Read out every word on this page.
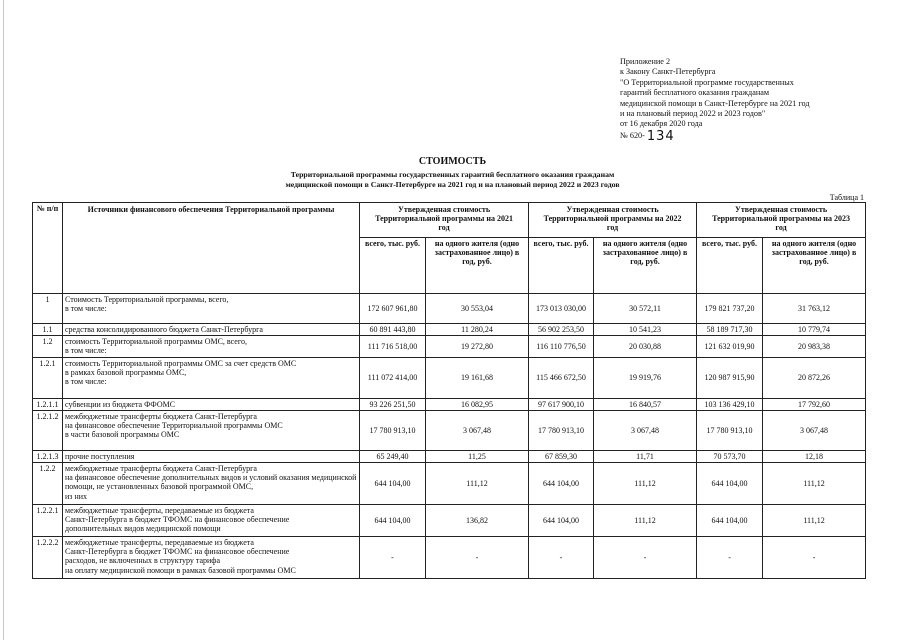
Приложение 2
к Закону Санкт-Петербурга
"О Территориальной программе государственных
гарантий бесплатного оказания гражданам
медицинской помощи в Санкт-Петербурге на 2021 год
и на плановый период 2022 и 2023 годов"
от 16 декабря 2020 года
№ 620- 134
СТОИМОСТЬ
Территориальной программы государственных гарантий бесплатного оказания гражданам
медицинской помощи в Санкт-Петербурге на 2021 год и на плановый период 2022 и 2023 годов
Таблица 1
№ п/п	Источники финансового обеспечения Территориальной программы	Утвержденная стоимость Территориальной программы на 2021 год		Утвержденная стоимость Территориальной программы на 2022 год		Утвержденная стоимость Территориальной программы на 2023 год	
		всего, тыс. руб.	на одного жителя (одно застрахованное лицо) в год, руб.	всего, тыс. руб.	на одного жителя (одно застрахованное лицо) в год, руб.	всего, тыс. руб.	на одного жителя (одно застрахованное лицо) в год, руб.
1	Стоимость Территориальной программы, всего,
в том числе:	172 607 961,80	30 553,04	173 013 030,00	30 572,11	179 821 737,20	31 763,12
1.1	средства консолидированного бюджета Санкт-Петербурга	60 891 443,80	11 280,24	56 902 253,50	10 541,23	58 189 717,30	10 779,74
1.2	стоимость Территориальной программы ОМС, всего,
в том числе:	111 716 518,00	19 272,80	116 110 776,50	20 030,88	121 632 019,90	20 983,38
1.2.1	стоимость Территориальной программы ОМС за счет средств ОМС
в рамках базовой программы ОМС,
в том числе:	111 072 414,00	19 161,68	115 466 672,50	19 919,76	120 987 915,90	20 872,26
1.2.1.1	субвенции из бюджета ФФОМС	93 226 251,50	16 082,95	97 617 900,10	16 840,57	103 136 429,10	17 792,60
1.2.1.2	межбюджетные трансферты бюджета Санкт-Петербурга
на финансовое обеспечение Территориальной программы ОМС
в части базовой программы ОМС	17 780 913,10	3 067,48	17 780 913,10	3 067,48	17 780 913,10	3 067,48
1.2.1.3	прочие поступления	65 249,40	11,25	67 859,30	11,71	70 573,70	12,18
1.2.2	межбюджетные трансферты бюджета Санкт-Петербурга
на финансовое обеспечение дополнительных видов и условий оказания медицинской помощи, не установленных базовой программой ОМС,
из них	644 104,00	111,12	644 104,00	111,12	644 104,00	111,12
1.2.2.1	межбюджетные трансферты, передаваемые из бюджета
Санкт-Петербурга в бюджет ТФОМС на финансовое обеспечение
дополнительных видов медицинской помощи	644 104,00	136,82	644 104,00	111,12	644 104,00	111,12
1.2.2.2	межбюджетные трансферты, передаваемые из бюджета
Санкт-Петербурга в бюджет ТФОМС на финансовое обеспечение
расходов, не включенных в структуру тарифа
на оплату медицинской помощи в рамках базовой программы ОМС	-	-	-	-	-	-
